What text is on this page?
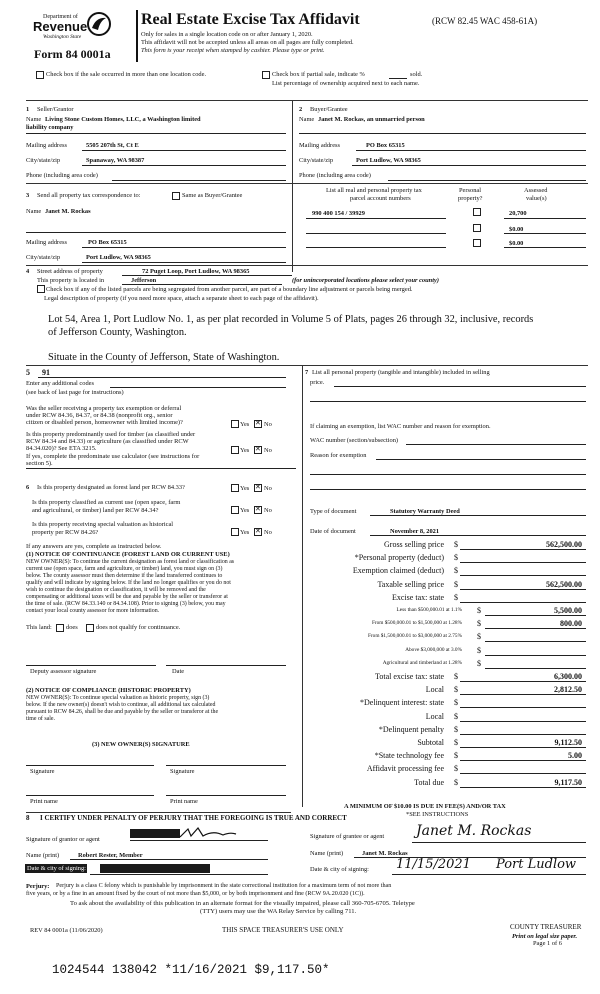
Department of
Revenue
Washington State
Form 84 0001a
Real Estate Excise Tax Affidavit	(RCW 82.45 WAC 458-61A)
Only for sales in a single location code on or after January 1, 2020.
This affidavit will not be accepted unless all areas on all pages are fully completed.
This form is your receipt when stamped by cashier. Please type or print.
Check box if the sale occurred in more than one location code.	Check box if partial sale, indicate %	sold.
List percentage of ownership acquired next to each name.
1 Seller/Grantor
Name Living Stone Custom Homes, LLC, a Washington limited
liability company
Mailing address	5505 207th St, Ct E
City/state/zip	Spanaway, WA 98387
Phone (including area code)
2 Buyer/Grantee
Name Janet M. Rockas, an unmarried person
Mailing address	PO Box 65315
City/state/zip	Port Ludlow, WA 98365
Phone (including area code)
3 Send all property tax correspondence to:	Same as Buyer/Grantee
Name Janet M. Rockas
Mailing address	PO Box 65315
City/state/zip	Port Ludlow, WA 98365
List all real and personal property tax
parcel account numbers
Personal
property?
Assessed
value(s)
990 400 154 / 39929	20,700
$0.00
$0.00
4 Street address of property	72 Puget Loop, Port Ludlow, WA 98365
This property is located in	Jefferson	(for unincorporated locations please select your county)
Check box if any of the listed parcels are being segregated from another parcel, are part of a boundary line adjustment or parcels being merged.
Legal description of property (if you need more space, attach a separate sheet to each page of the affidavit).
Lot 54, Area 1, Port Ludlow No. 1, as per plat recorded in Volume 5 of Plats, pages 26 through 32, inclusive, records
of Jefferson County, Washington.
Situate in the County of Jefferson, State of Washington.
5 91
Enter any additional codes
(see back of last page for instructions)
Was the seller receiving a property tax exemption or deferral
under RCW 84.36, 84.37, or 84.38 (nonprofit org., senior
citizen or disabled person, homeowner with limited income)?	Yes ✕ No
Is this property predominantly used for timber (as classified under
RCW 84.34 and 84.33) or agriculture (as classified under RCW
84.34.020)? See ETA 3215.	Yes ✕ No
If yes, complete the predominate use calculator (see instructions for
section 5).
List all personal property (tangible and intangible) included in selling
7
price.
If claiming an exemption, list WAC number and reason for exemption.
WAC number (section/subsection)
Reason for exemption
6 Is this property designated as forest land per RCW 84.33?	Yes ✕ No
Is this property classified as current use (open space, farm
and agricultural, or timber) land per RCW 84.34?	Yes ✕ No
Is this property receiving special valuation as historical
property per RCW 84.26?	Yes ✕ No
If any answers are yes, complete as instructed below.
(1) NOTICE OF CONTINUANCE (FOREST LAND OR CURRENT USE)
NEW OWNER(S): To continue the current designation as forest land or classification as
current use (open space, farm and agriculture, or timber) land, you must sign on (3)
below. The county assessor must then determine if the land transferred continues to
qualify and will indicate by signing below. If the land no longer qualifies or you do not
wish to continue the designation or classification, it will be removed and the
compensating or additional taxes will be due and payable by the seller or transferor at
the time of sale. (RCW 84.33.140 or 84.34.108). Prior to signing (3) below, you may
contact your local county assessor for more information.
This land: does	does not qualify for continuance.
Deputy assessor signature	Date
(2) NOTICE OF COMPLIANCE (HISTORIC PROPERTY)
NEW OWNER(S): To continue special valuation as historic property, sign (3)
below. If the new owner(s) doesn't wish to continue, all additional tax calculated
pursuant to RCW 84.26, shall be due and payable by the seller or transferor at the
time of sale.
(3) NEW OWNER(S) SIGNATURE
Signature	Signature
Print name	Print name
Type of document	Statutory Warranty Deed
Date of document	November 8, 2021
Gross selling price $	562,500.00
*Personal property (deduct) $
Exemption claimed (deduct) $
Taxable selling price $	562,500.00
Excise tax: state $
Less than $500,000.01 at 1.1% $	5,500.00
From $500,000.01 to $1,500,000 at 1.28% $	800.00
From $1,500,000.01 to $3,000,000 at 2.75% $
Above $3,000,000 at 3.0% $
Agricultural and timberland at 1.28% $
Total excise tax: state $	6,300.00
Local $	2,812.50
*Delinquent interest: state $
Local $
*Delinquent penalty $
Subtotal $	9,112.50
*State technology fee $	5.00
Affidavit processing fee $
Total due $	9,117.50
A MINIMUM OF $10.00 IS DUE IN FEE(S) AND/OR TAX
*SEE INSTRUCTIONS
8 I CERTIFY UNDER PENALTY OF PERJURY THAT THE FOREGOING IS TRUE AND CORRECT
Signature of grantor or agent
Name (print)	Robert Rester, Member
Date & city of signing:
Signature of grantee or agent Janet M. Rockas
Name (print)	Janet M. Rockas
Date & city of signing: 11/15/2021 Port Ludlow
Perjury: Perjury is a class C felony which is punishable by imprisonment in the state correctional institution for a maximum term of not more than
five years, or by a fine in an amount fixed by the court of not more than $5,000, or by both imprisonment and fine (RCW 9A.20.020 (1C)).
To ask about the availability of this publication in an alternate format for the visually impaired, please call 360-705-6705. Teletype
(TTY) users may use the WA Relay Service by calling 711.
REV 84 0001a (11/06/2020)	THIS SPACE TREASURER'S USE ONLY	COUNTY TREASURER
Print on legal size paper.
Page 1 of 6
1024544 138042 *11/16/2021 $9,117.50*
